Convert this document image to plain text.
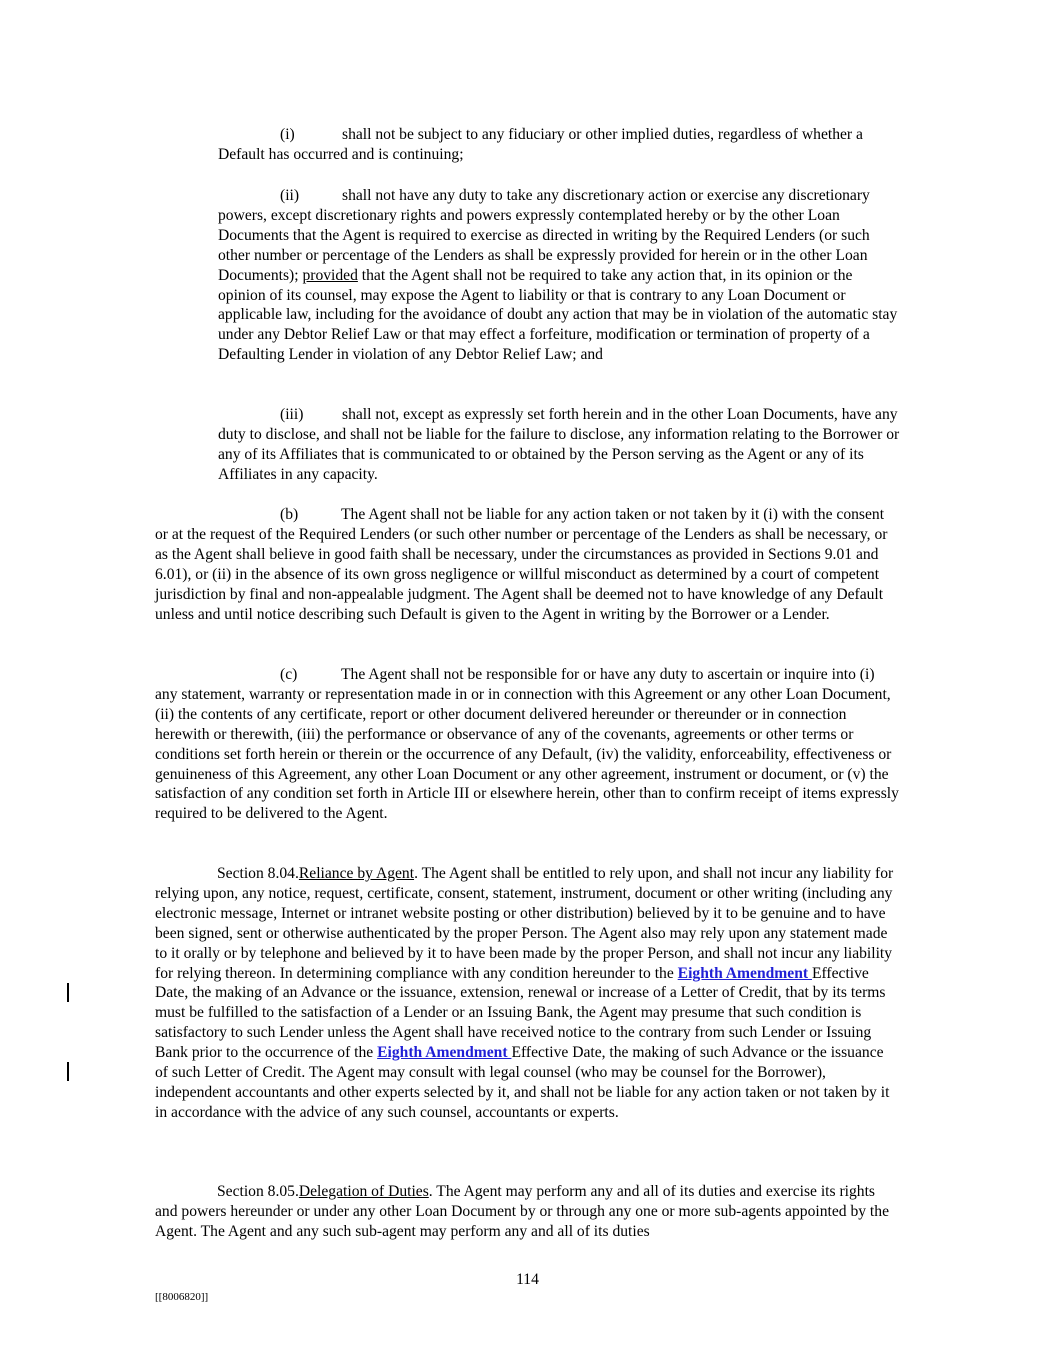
(i)	shall not be subject to any fiduciary or other implied duties, regardless of whether a Default has occurred and is continuing;

(ii)	shall not have any duty to take any discretionary action or exercise any discretionary powers, except discretionary rights and powers expressly contemplated hereby or by the other Loan Documents that the Agent is required to exercise as directed in writing by the Required Lenders (or such other number or percentage of the Lenders as shall be expressly provided for herein or in the other Loan Documents); provided that the Agent shall not be required to take any action that, in its opinion or the opinion of its counsel, may expose the Agent to liability or that is contrary to any Loan Document or applicable law, including for the avoidance of doubt any action that may be in violation of the automatic stay under any Debtor Relief Law or that may effect a forfeiture, modification or termination of property of a Defaulting Lender in violation of any Debtor Relief Law; and

(iii) shall not, except as expressly set forth herein and in the other Loan Documents, have any duty to disclose, and shall not be liable for the failure to disclose, any information relating to the Borrower or any of its Affiliates that is communicated to or obtained by the Person serving as the Agent or any of its Affiliates in any capacity.

(b)	The Agent shall not be liable for any action taken or not taken by it (i) with the consent or at the request of the Required Lenders (or such other number or percentage of the Lenders as shall be necessary, or as the Agent shall believe in good faith shall be necessary, under the circumstances as provided in Sections 9.01 and 6.01), or (ii) in the absence of its own gross negligence or willful misconduct as determined by a court of competent jurisdiction by final and non-appealable judgment. The Agent shall be deemed not to have knowledge of any Default unless and until notice describing such Default is given to the Agent in writing by the Borrower or a Lender.

(c)	The Agent shall not be responsible for or have any duty to ascertain or inquire into (i) any statement, warranty or representation made in or in connection with this Agreement or any other Loan Document, (ii) the contents of any certificate, report or other document delivered hereunder or thereunder or in connection herewith or therewith, (iii) the performance or observance of any of the covenants, agreements or other terms or conditions set forth herein or therein or the occurrence of any Default, (iv) the validity, enforceability, effectiveness or genuineness of this Agreement, any other Loan Document or any other agreement, instrument or document, or (v) the satisfaction of any condition set forth in Article III or elsewhere herein, other than to confirm receipt of items expressly required to be delivered to the Agent.

Section 8.04.Reliance by Agent. The Agent shall be entitled to rely upon, and shall not incur any liability for relying upon, any notice, request, certificate, consent, statement, instrument, document or other writing (including any electronic message, Internet or intranet website posting or other distribution) believed by it to be genuine and to have been signed, sent or otherwise authenticated by the proper Person. The Agent also may rely upon any statement made to it orally or by telephone and believed by it to have been made by the proper Person, and shall not incur any liability for relying thereon. In determining compliance with any condition hereunder to the Eighth Amendment Effective Date, the making of an Advance or the issuance, extension, renewal or increase of a Letter of Credit, that by its terms must be fulfilled to the satisfaction of a Lender or an Issuing Bank, the Agent may presume that such condition is satisfactory to such Lender unless the Agent shall have received notice to the contrary from such Lender or Issuing Bank prior to the occurrence of the Eighth Amendment Effective Date, the making of such Advance or the issuance of such Letter of Credit. The Agent may consult with legal counsel (who may be counsel for the Borrower), independent accountants and other experts selected by it, and shall not be liable for any action taken or not taken by it in accordance with the advice of any such counsel, accountants or experts.

Section 8.05.Delegation of Duties. The Agent may perform any and all of its duties and exercise its rights and powers hereunder or under any other Loan Document by or through any one or more sub-agents appointed by the Agent. The Agent and any such sub-agent may perform any and all of its duties

114
[[8006820]]
